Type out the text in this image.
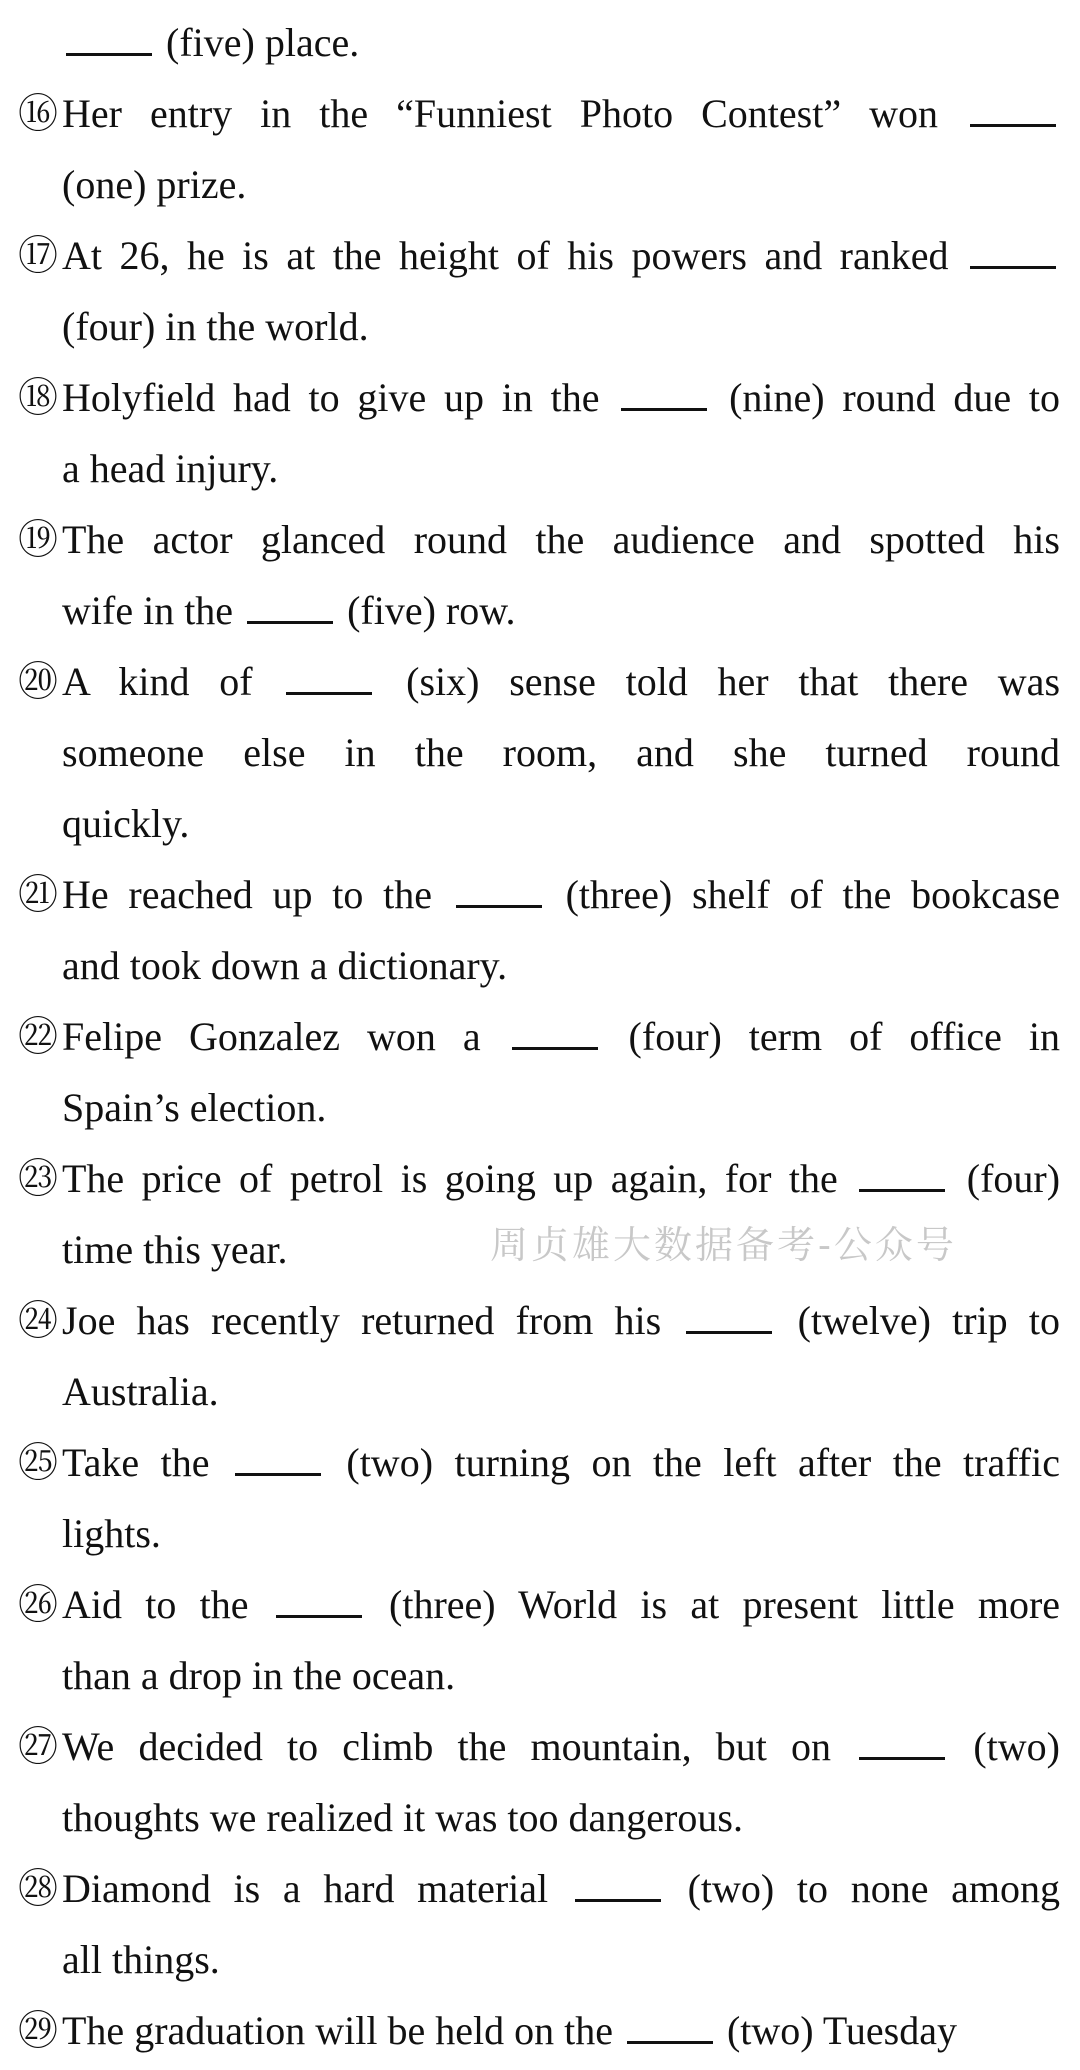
(five) place.
⑯ Her entry in the “Funniest Photo Contest” won
(one) prize.
⑰ At 26, he is at the height of his powers and ranked
(four) in the world.
⑱ Holyfield had to give up in the	(nine) round due to
a head injury.
⑲ The actor glanced round the audience and spotted his
wife in the	(five) row.
⑳ A kind of	(six) sense told her that there was
someone else in the room, and she turned round
quickly.
㉑ He reached up to the	(three) shelf of the bookcase
and took down a dictionary.
㉒ Felipe Gonzalez won a	(four) term of office in
Spain’s election.
㉓ The price of petrol is going up again, for the	(four)
time this year.
㉔ Joe has recently returned from his	(twelve) trip to
Australia.
㉕ Take the	(two) turning on the left after the traffic
lights.
㉖ Aid to the	(three) World is at present little more
than a drop in the ocean.
㉗ We decided to climb the mountain, but on	(two)
thoughts we realized it was too dangerous.
㉘ Diamond is a hard material	(two) to none among
all things.
㉙ The graduation will be held on the	(two) Tuesday
周贞雄大数据备考-公众号
